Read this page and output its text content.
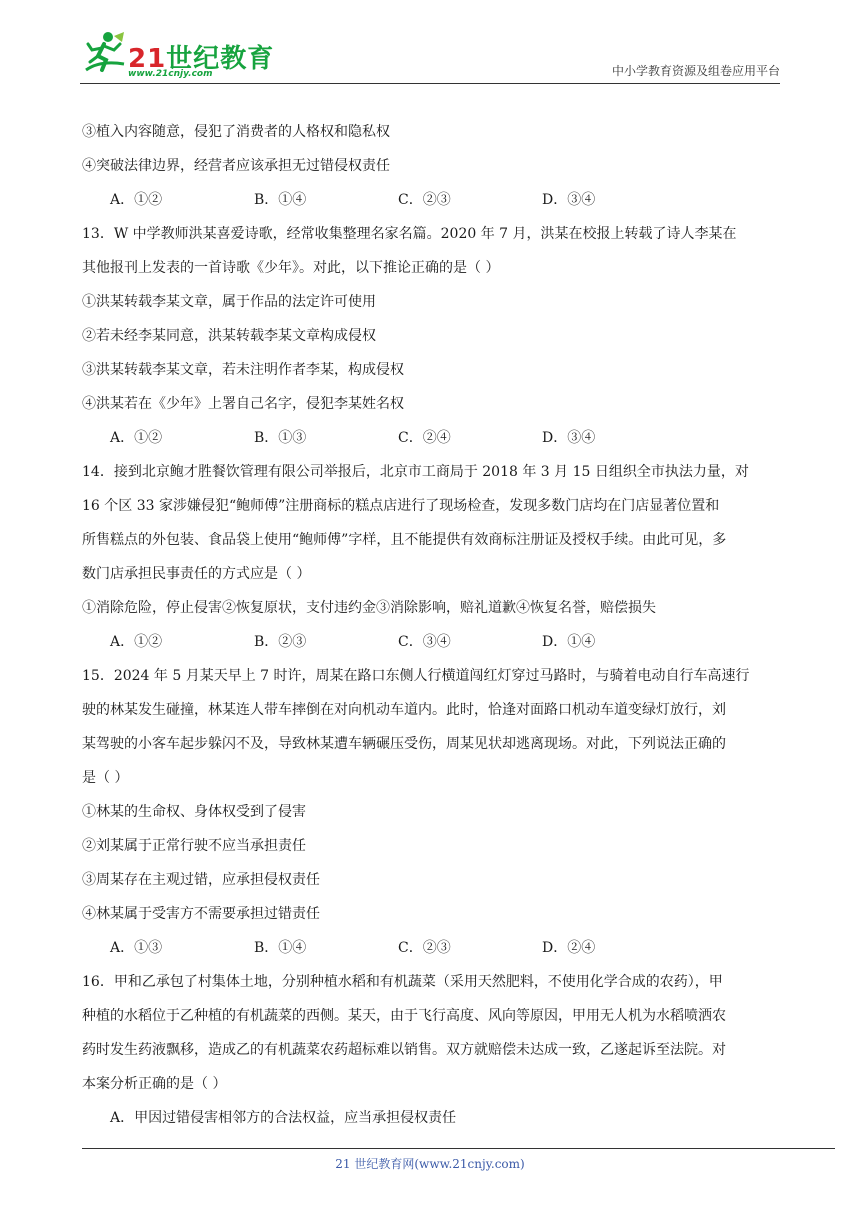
21世纪教育
www.21cnjy.com	中小学教育资源及组卷应用平台
③植入内容随意，侵犯了消费者的人格权和隐私权
④突破法律边界，经营者应该承担无过错侵权责任
A．①②	B．①④	C．②③	D．③④
13．W 中学教师洪某喜爱诗歌，经常收集整理名家名篇。2020 年 7 月，洪某在校报上转载了诗人李某在
其他报刊上发表的一首诗歌《少年》。对此，以下推论正确的是（ ）
①洪某转载李某文章，属于作品的法定许可使用
②若未经李某同意，洪某转载李某文章构成侵权
③洪某转载李某文章，若未注明作者李某，构成侵权
④洪某若在《少年》上署自己名字，侵犯李某姓名权
A．①②	B．①③	C．②④	D．③④
14．接到北京鲍才胜餐饮管理有限公司举报后，北京市工商局于 2018 年 3 月 15 日组织全市执法力量，对
16 个区 33 家涉嫌侵犯“鲍师傅”注册商标的糕点店进行了现场检查，发现多数门店均在门店显著位置和
所售糕点的外包装、食品袋上使用“鲍师傅”字样，且不能提供有效商标注册证及授权手续。由此可见，多
数门店承担民事责任的方式应是（ ）
①消除危险，停止侵害②恢复原状，支付违约金③消除影响，赔礼道歉④恢复名誉，赔偿损失
A．①②	B．②③	C．③④	D．①④
15．2024 年 5 月某天早上 7 时许，周某在路口东侧人行横道闯红灯穿过马路时，与骑着电动自行车高速行
驶的林某发生碰撞，林某连人带车摔倒在对向机动车道内。此时，恰逢对面路口机动车道变绿灯放行，刘
某驾驶的小客车起步躲闪不及，导致林某遭车辆碾压受伤，周某见状却逃离现场。对此，下列说法正确的
是（ ）
①林某的生命权、身体权受到了侵害
②刘某属于正常行驶不应当承担责任
③周某存在主观过错，应承担侵权责任
④林某属于受害方不需要承担过错责任
A．①③	B．①④	C．②③	D．②④
16．甲和乙承包了村集体土地，分别种植水稻和有机蔬菜（采用天然肥料，不使用化学合成的农药），甲
种植的水稻位于乙种植的有机蔬菜的西侧。某天，由于飞行高度、风向等原因，甲用无人机为水稻喷洒农
药时发生药液飘移，造成乙的有机蔬菜农药超标难以销售。双方就赔偿未达成一致，乙遂起诉至法院。对
本案分析正确的是（ ）
A．甲因过错侵害相邻方的合法权益，应当承担侵权责任
21 世纪教育网(www.21cnjy.com)
